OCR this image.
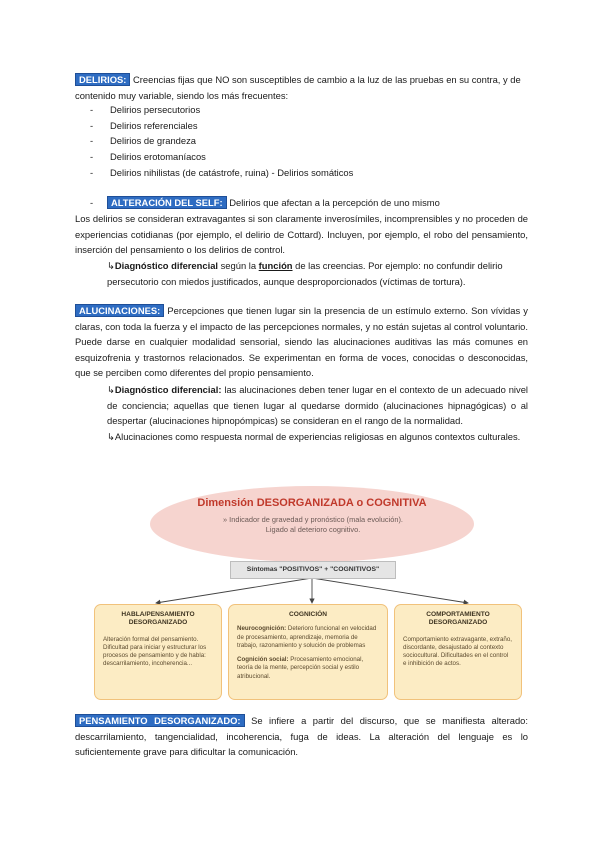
DELIRIOS: Creencias fijas que NO son susceptibles de cambio a la luz de las pruebas en su contra, y de contenido muy variable, siendo los más frecuentes:

- Delirios persecutorios
- Delirios referenciales
- Delirios de grandeza
- Delirios erotomaníacos
- Delirios nihilistas (de catástrofe, ruina) - Delirios somáticos
- ALTERACIÓN DEL SELF: Delirios que afectan a la percepción de uno mismo

Los delirios se consideran extravagantes si son claramente inverosímiles, incomprensibles y no proceden de experiencias cotidianas (por ejemplo, el delirio de Cottard). Incluyen, por ejemplo, el robo del pensamiento, inserción del pensamiento o los delirios de control.

↳Diagnóstico diferencial según la función de las creencias. Por ejemplo: no confundir delirio persecutorio con miedos justificados, aunque desproporcionados (víctimas de tortura).

ALUCINACIONES: Percepciones que tienen lugar sin la presencia de un estímulo externo. Son vívidas y claras, con toda la fuerza y el impacto de las percepciones normales, y no están sujetas al control voluntario. Puede darse en cualquier modalidad sensorial, siendo las alucinaciones auditivas las más comunes en esquizofrenia y trastornos relacionados. Se experimentan en forma de voces, conocidas o desconocidas, que se perciben como diferentes del propio pensamiento.

↳Diagnóstico diferencial: las alucinaciones deben tener lugar en el contexto de un adecuado nivel de conciencia; aquellas que tienen lugar al quedarse dormido (alucinaciones hipnagógicas) o al despertar (alucinaciones hipnopómpicas) se consideran en el rango de la normalidad.

↳Alucinaciones como respuesta normal de experiencias religiosas en algunos contextos culturales.

Dimensión DESORGANIZADA o COGNITIVA
» Indicador de gravedad y pronóstico (mala evolución). Ligado al deterioro cognitivo.
Síntomas "POSITIVOS" + "COGNITIVOS"
HABLA/PENSAMIENTO DESORGANIZADO

Alteración formal del pensamiento. Dificultad para iniciar y estructurar los procesos de pensamiento y de habla: descarrilamiento, incoherencia...

COGNICIÓN

Neurocognición: Deterioro funcional en velocidad de procesamiento, aprendizaje, memoria de trabajo, razonamiento y solución de problemas

Cognición social: Procesamiento emocional, teoría de la mente, percepción social y estilo atribucional.

COMPORTAMIENTO DESORGANIZADO

Comportamiento extravagante, extraño, discordante, desajustado al contexto sociocultural. Dificultades en el control e inhibición de actos.

PENSAMIENTO DESORGANIZADO: Se infiere a partir del discurso, que se manifiesta alterado: descarrilamiento, tangencialidad, incoherencia, fuga de ideas. La alteración del lenguaje es lo suficientemente grave para dificultar la comunicación.
